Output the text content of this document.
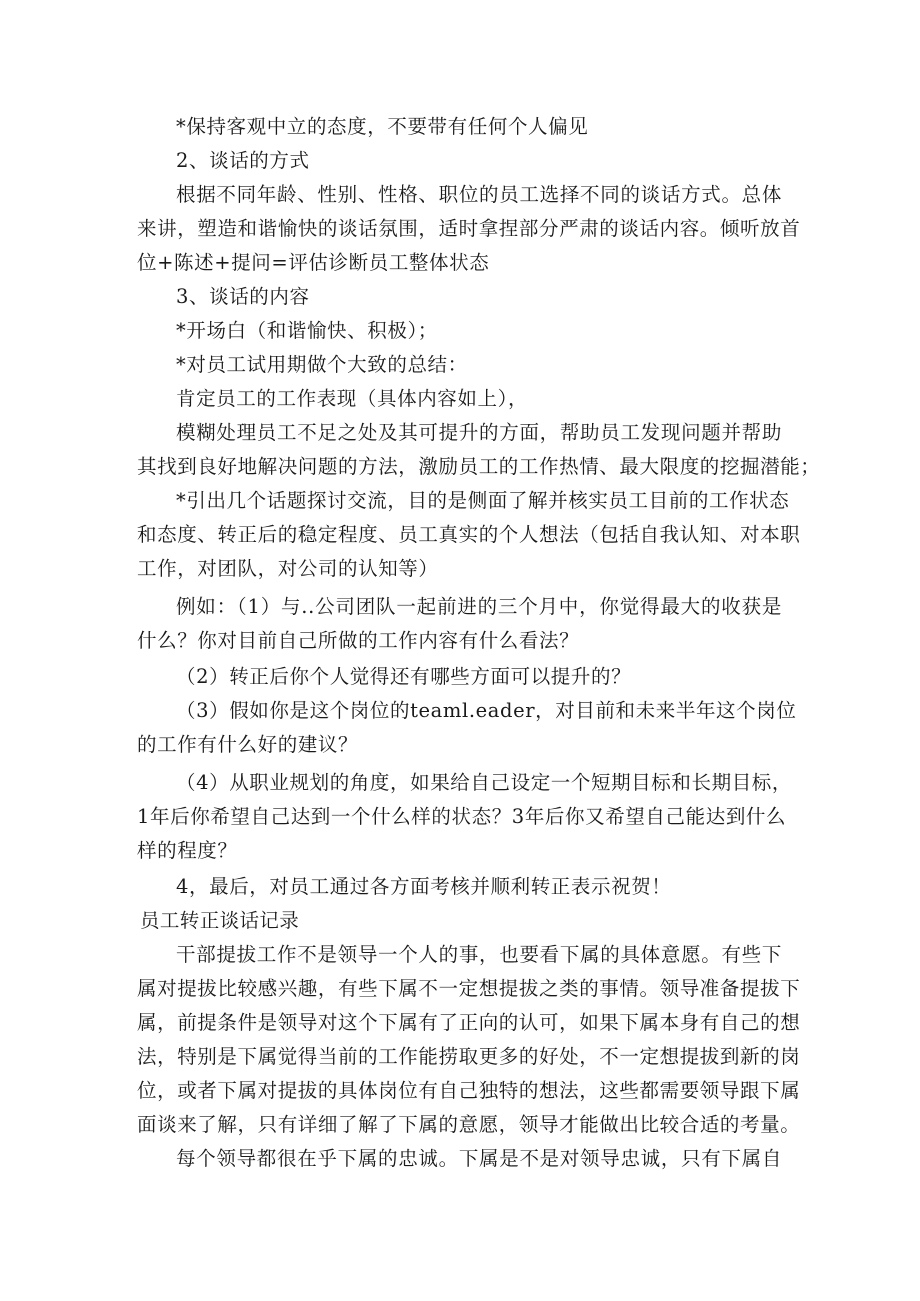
*保持客观中立的态度，不要带有任何个人偏见
2、谈话的方式
根据不同年龄、性别、性格、职位的员工选择不同的谈话方式。总体
来讲，塑造和谐愉快的谈话氛围，适时拿捏部分严肃的谈话内容。倾听放首
位+陈述+提问=评估诊断员工整体状态
3、谈话的内容
*开场白（和谐愉快、积极）；
*对员工试用期做个大致的总结：
肯定员工的工作表现（具体内容如上），
模糊处理员工不足之处及其可提升的方面，帮助员工发现问题并帮助
其找到良好地解决问题的方法，激励员工的工作热情、最大限度的挖掘潜能；
*引出几个话题探讨交流，目的是侧面了解并核实员工目前的工作状态
和态度、转正后的稳定程度、员工真实的个人想法（包括自我认知、对本职
工作，对团队，对公司的认知等）
例如：（1）与..公司团队一起前进的三个月中，你觉得最大的收获是
什么？你对目前自己所做的工作内容有什么看法？
（2）转正后你个人觉得还有哪些方面可以提升的？
（3）假如你是这个岗位的teaml.eader，对目前和未来半年这个岗位
的工作有什么好的建议？
（4）从职业规划的角度，如果给自己设定一个短期目标和长期目标，
1年后你希望自己达到一个什么样的状态？3年后你又希望自己能达到什么
样的程度？
4，最后，对员工通过各方面考核并顺利转正表示祝贺！
员工转正谈话记录
干部提拔工作不是领导一个人的事，也要看下属的具体意愿。有些下
属对提拔比较感兴趣，有些下属不一定想提拔之类的事情。领导准备提拔下
属，前提条件是领导对这个下属有了正向的认可，如果下属本身有自己的想
法，特别是下属觉得当前的工作能捞取更多的好处，不一定想提拔到新的岗
位，或者下属对提拔的具体岗位有自己独特的想法，这些都需要领导跟下属
面谈来了解，只有详细了解了下属的意愿，领导才能做出比较合适的考量。
每个领导都很在乎下属的忠诚。下属是不是对领导忠诚，只有下属自
